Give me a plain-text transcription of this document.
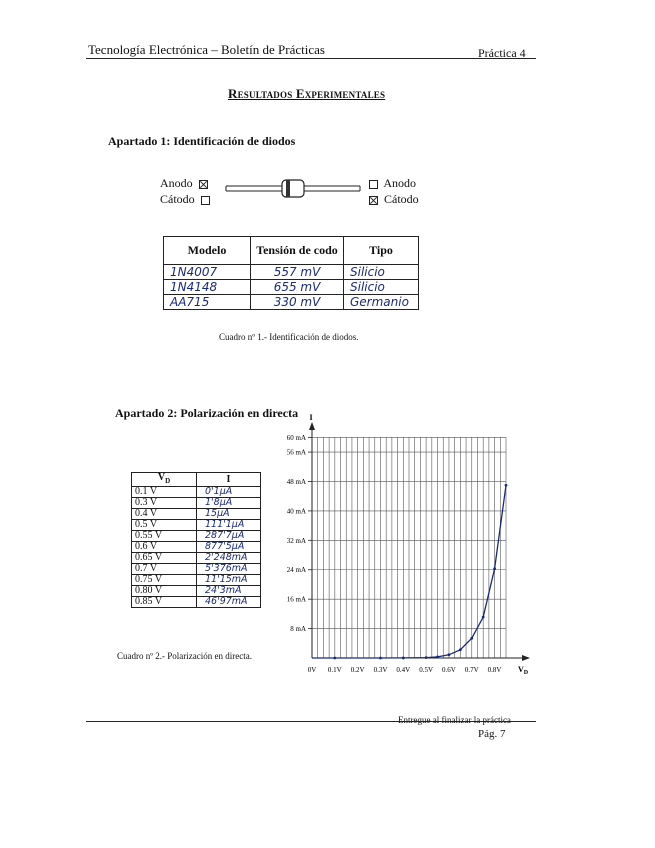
Tecnología Electrónica – Boletín de Prácticas	Práctica 4
Resultados Experimentales
Apartado 1: Identificación de diodos
Anodo
Cátodo
Anodo
Cátodo
Modelo	Tensión de codo	Tipo
1N4007	557 mV	Silicio
1N4148	655 mV	Silicio
AA715	330 mV	Germanio
Cuadro nº 1.- Identificación de diodos.
Apartado 2: Polarización en directa
$V_D$	I
0.1 V	0'1μA
0.3 V	1'8μA
0.4 V	15μA
0.5 V	111'1μA
0.55 V	287'7μA
0.6 V	877'5μA
0.65 V	2'248mA
0.7 V	5'376mA
0.75 V	11'15mA
0.80 V	24'3mA
0.85 V	46'97mA
Cuadro nº 2.- Polarización en directa.
I
8 mA
16 mA
24 mA
32 mA
40 mA
48 mA
56 mA
60 mA
0V 0.1V 0.2V 0.3V 0.4V 0.5V 0.6V 0.7V 0.8V $V_D$
Entregue al finalizar la práctica
Pág. 7
